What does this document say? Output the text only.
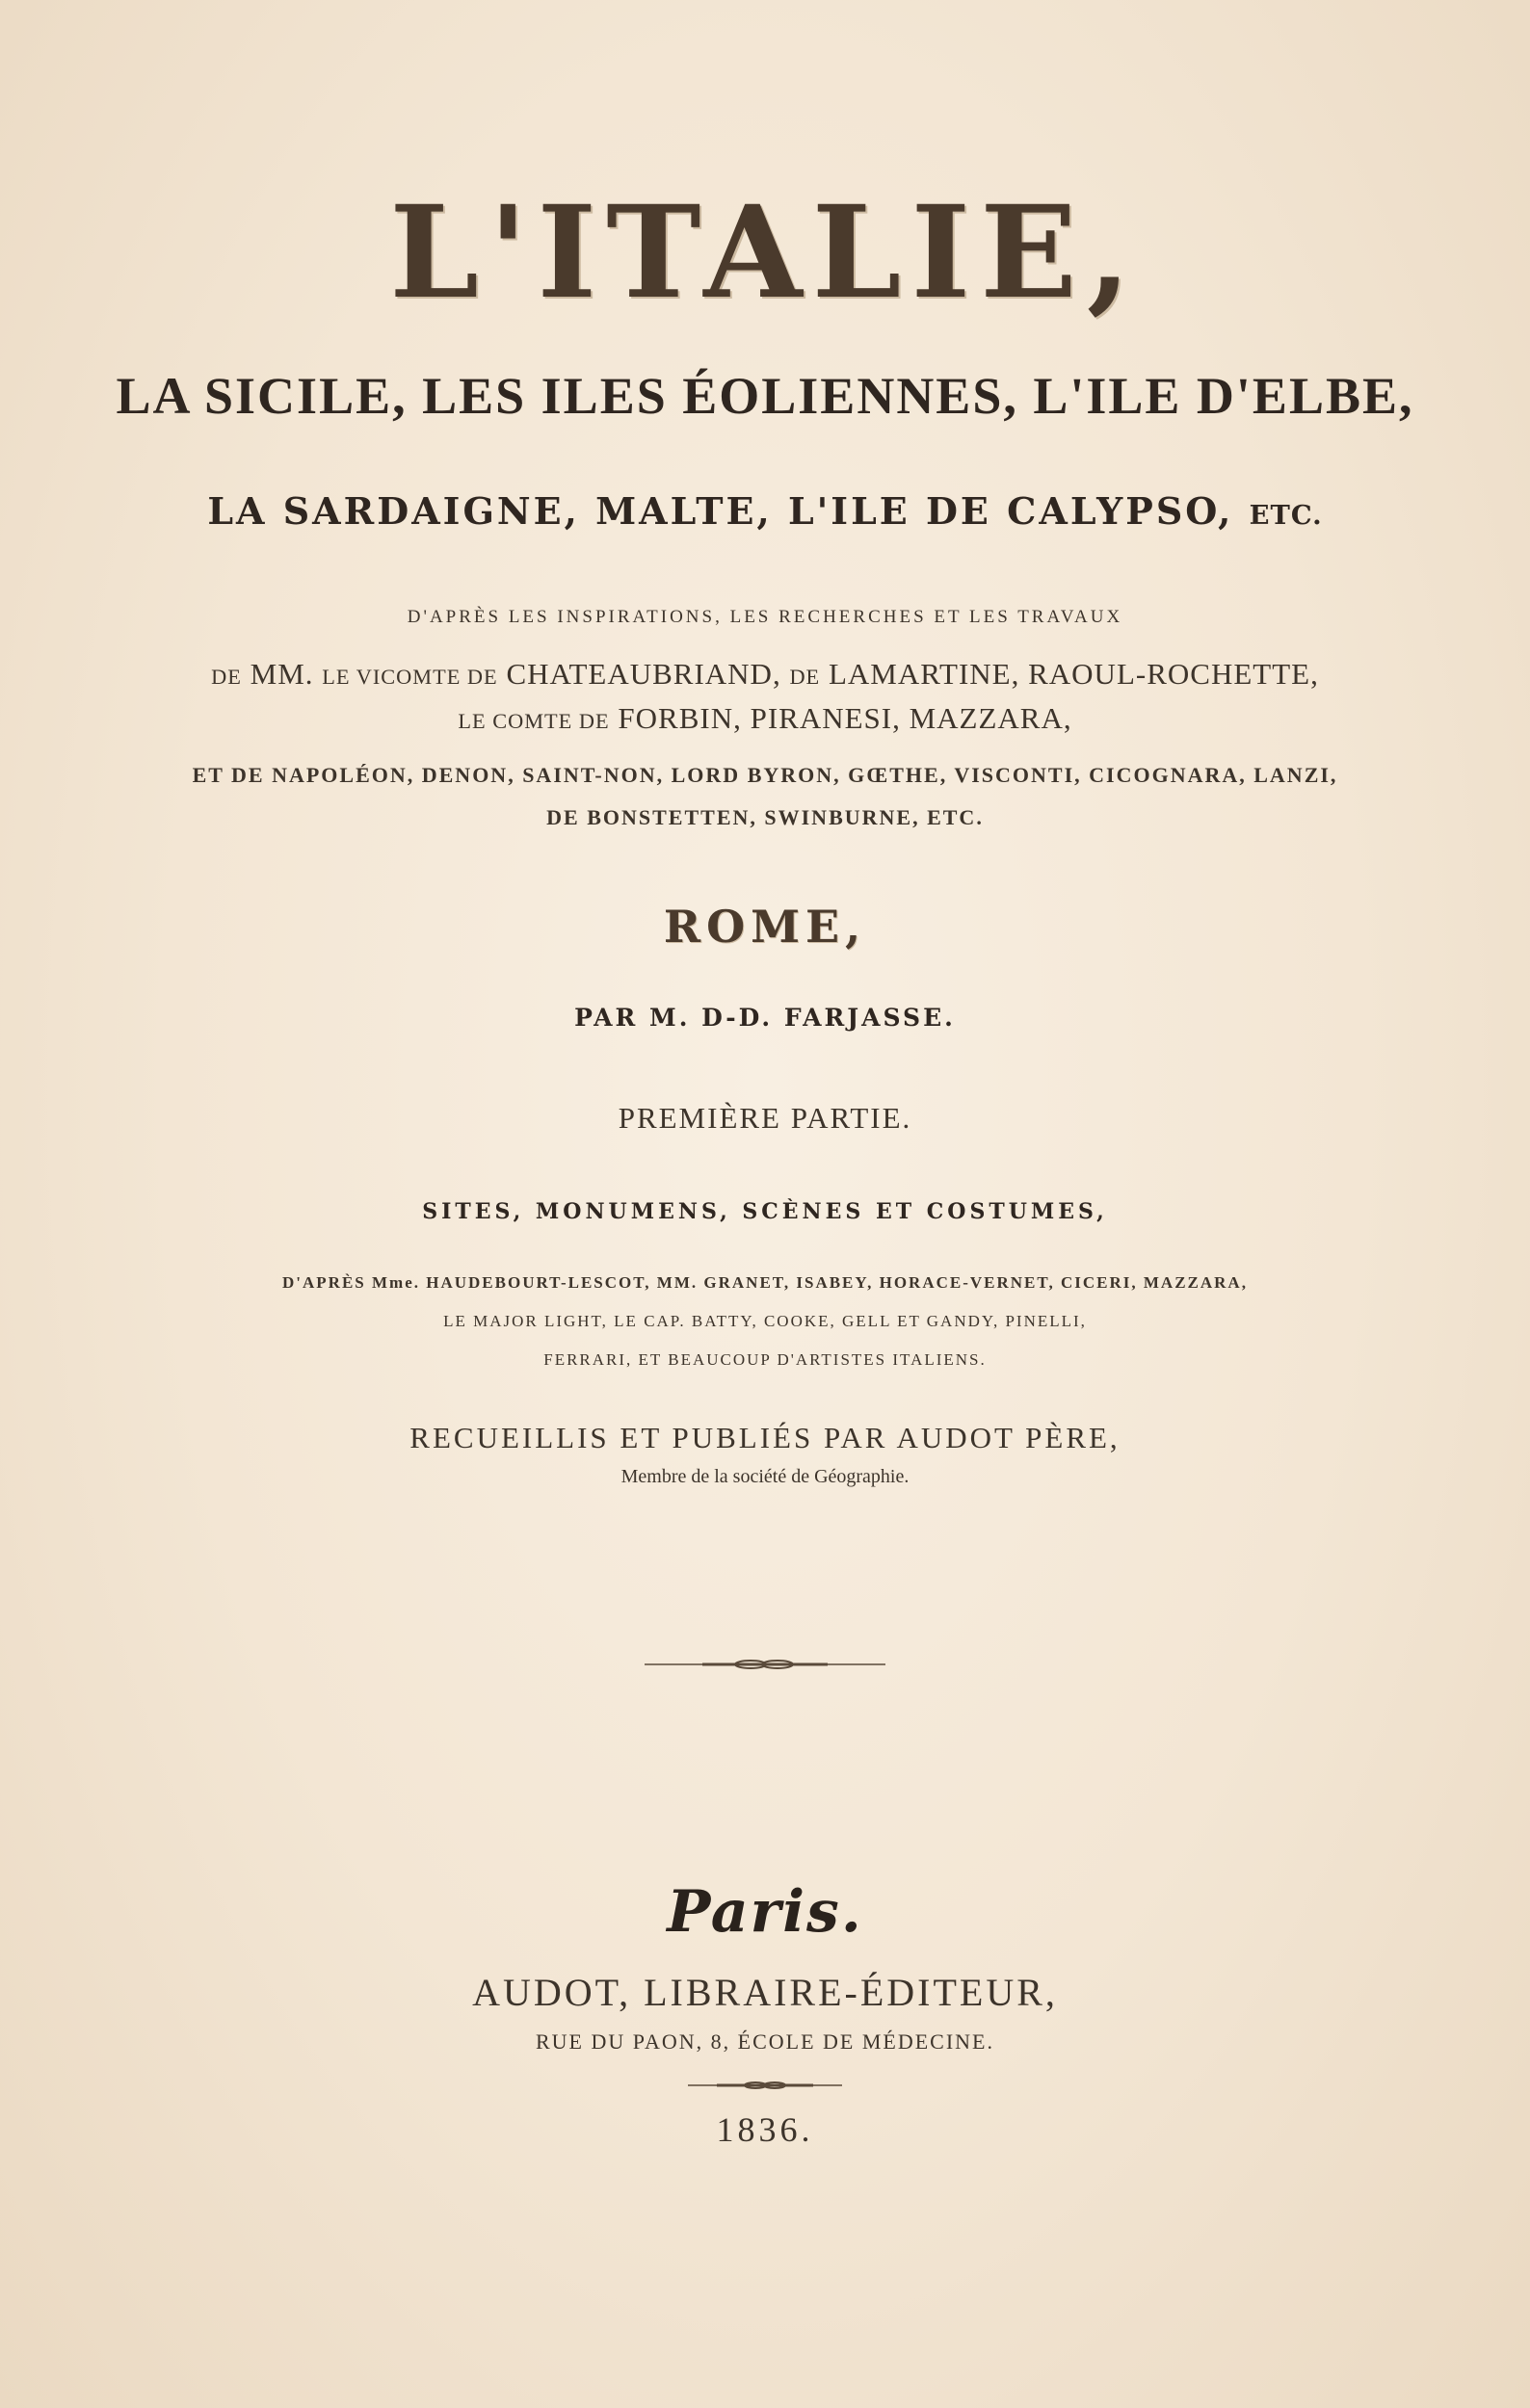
L'ITALIE,
LA SICILE, LES ILES ÉOLIENNES, L'ILE D'ELBE,
LA SARDAIGNE, MALTE, L'ILE DE CALYPSO, ETC.
D'APRÈS LES INSPIRATIONS, LES RECHERCHES ET LES TRAVAUX
DE MM. LE VICOMTE DE CHATEAUBRIAND, DE LAMARTINE, RAOUL-ROCHETTE,
LE COMTE DE FORBIN, PIRANESI, MAZZARA,
ET DE NAPOLÉON, DENON, SAINT-NON, LORD BYRON, GŒTHE, VISCONTI, CICOGNARA, LANZI,
DE BONSTETTEN, SWINBURNE, ETC.
ROME,
PAR M. D-D. FARJASSE.
PREMIÈRE PARTIE.
SITES, MONUMENS, SCÈNES ET COSTUMES,
D'APRÈS Mme. HAUDEBOURT-LESCOT, MM. GRANET, ISABEY, HORACE-VERNET, CICERI, MAZZARA,
LE MAJOR LIGHT, LE CAP. BATTY, COOKE, GELL ET GANDY, PINELLI,
FERRARI, ET BEAUCOUP D'ARTISTES ITALIENS.
RECUEILLIS ET PUBLIÉS PAR AUDOT PÈRE,
Membre de la société de Géographie.
Paris.
AUDOT, LIBRAIRE-ÉDITEUR,
RUE DU PAON, 8, ÉCOLE DE MÉDECINE.
1836.
